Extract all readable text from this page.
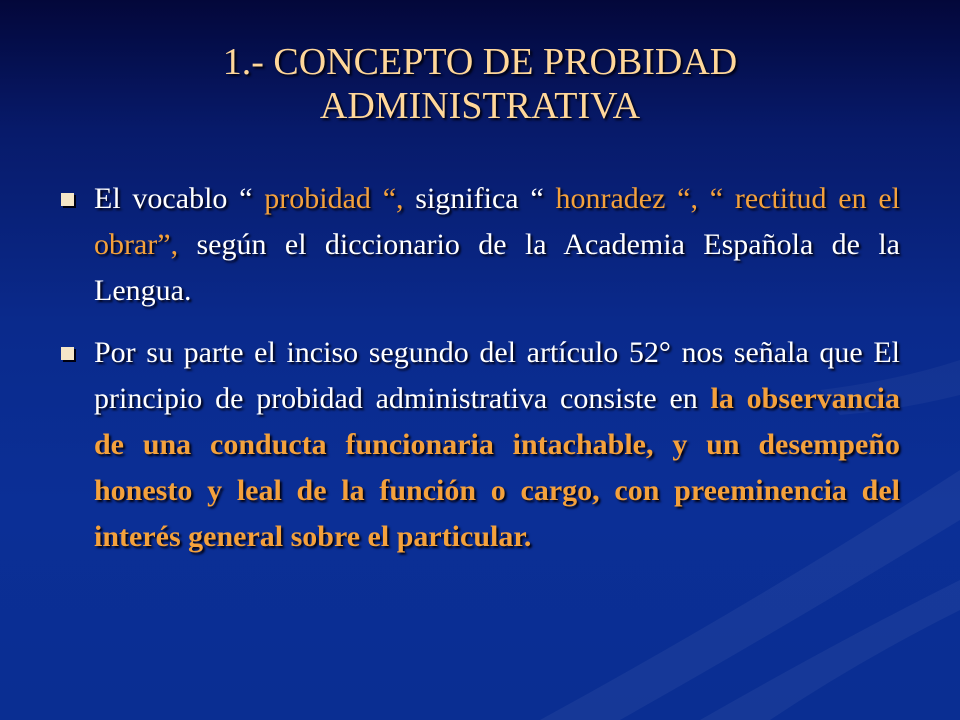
1.- CONCEPTO DE PROBIDAD
ADMINISTRATIVA
El vocablo “ probidad “, significa “ honradez “, “ rectitud en el obrar”, según el diccionario de la Academia Española de la Lengua.
Por su parte el inciso segundo del artículo 52° nos señala que El principio de probidad administrativa consiste en la observancia de una conducta funcionaria intachable, y un desempeño honesto y leal de la función o cargo, con preeminencia del interés general sobre el particular.
